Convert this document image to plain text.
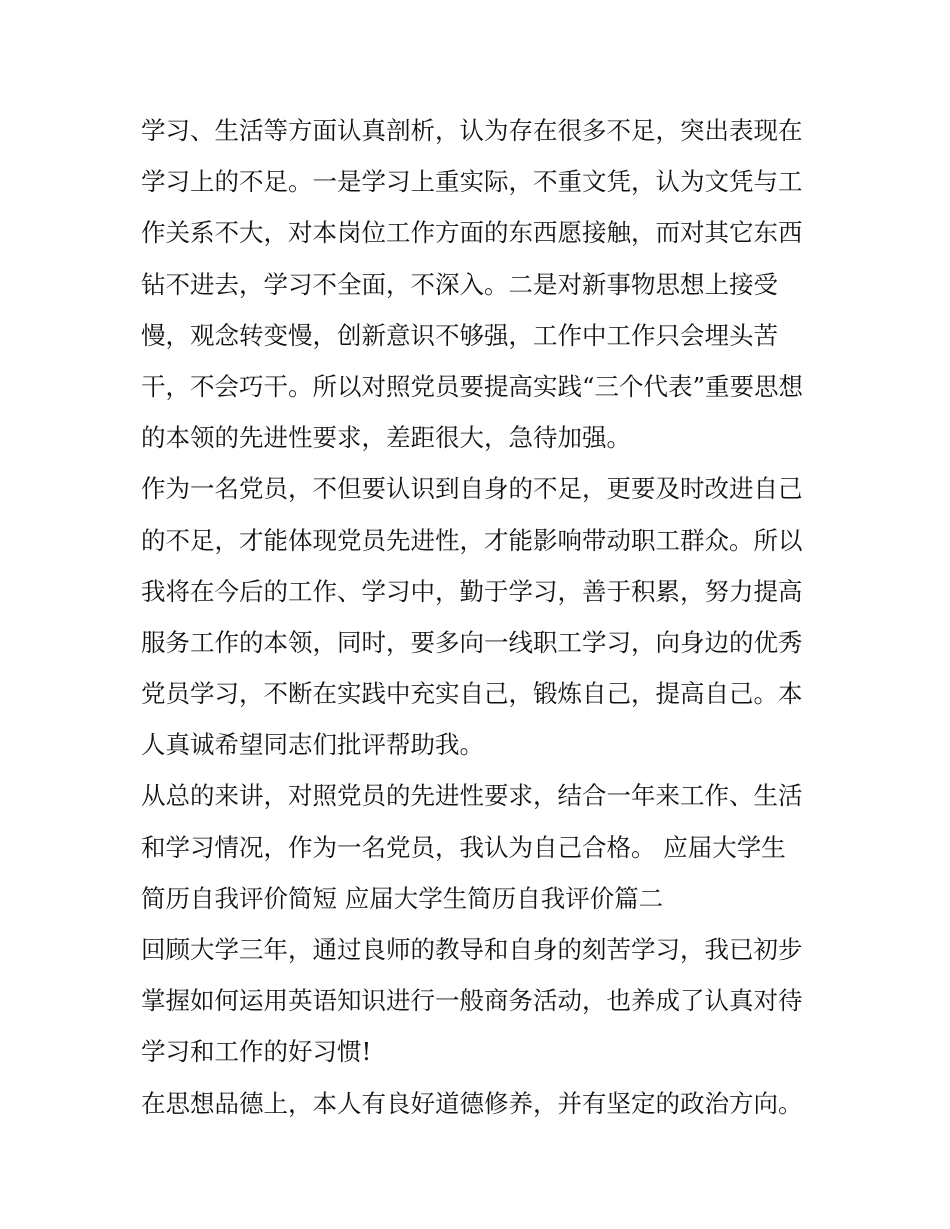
学习、生活等方面认真剖析，认为存在很多不足，突出表现在
学习上的不足。一是学习上重实际，不重文凭，认为文凭与工
作关系不大，对本岗位工作方面的东西愿接触，而对其它东西
钻不进去，学习不全面，不深入。二是对新事物思想上接受
慢，观念转变慢，创新意识不够强，工作中工作只会埋头苦
干，不会巧干。所以对照党员要提高实践“三个代表”重要思想
的本领的先进性要求，差距很大，急待加强。
作为一名党员，不但要认识到自身的不足，更要及时改进自己
的不足，才能体现党员先进性，才能影响带动职工群众。所以
我将在今后的工作、学习中，勤于学习，善于积累，努力提高
服务工作的本领，同时，要多向一线职工学习，向身边的优秀
党员学习，不断在实践中充实自己，锻炼自己，提高自己。本
人真诚希望同志们批评帮助我。
从总的来讲，对照党员的先进性要求，结合一年来工作、生活
和学习情况，作为一名党员，我认为自己合格。 应届大学生
简历自我评价简短 应届大学生简历自我评价篇二
回顾大学三年，通过良师的教导和自身的刻苦学习，我已初步
掌握如何运用英语知识进行一般商务活动，也养成了认真对待
学习和工作的好习惯!
在思想品德上，本人有良好道德修养，并有坚定的政治方向。
